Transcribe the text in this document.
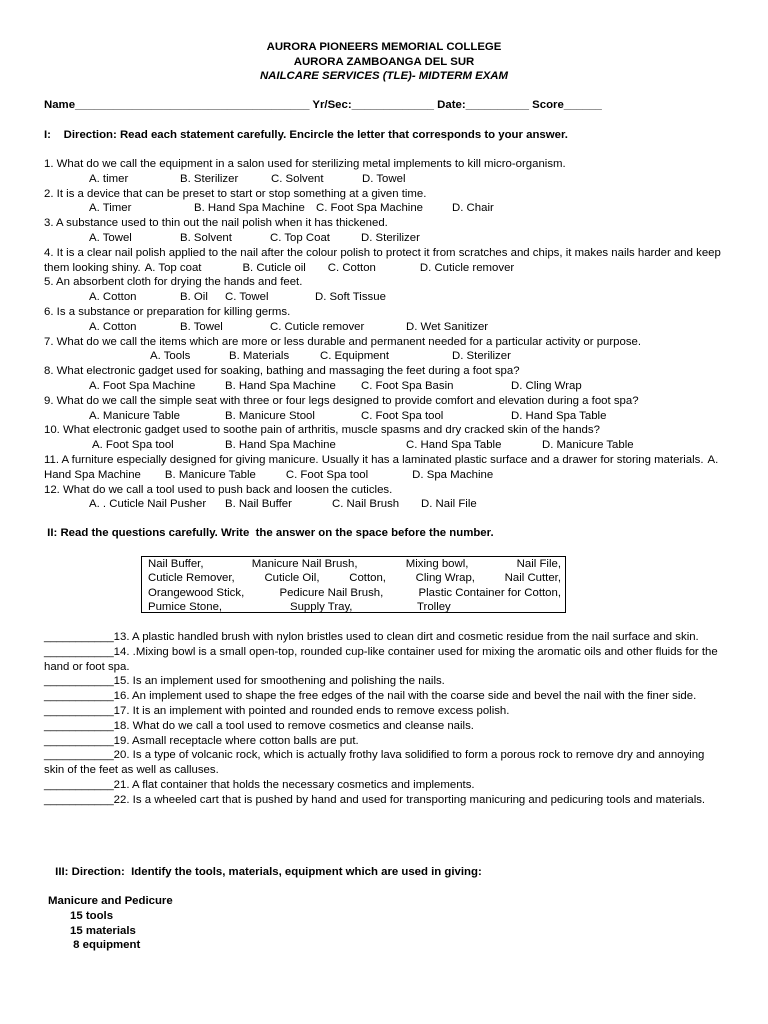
AURORA PIONEERS MEMORIAL COLLEGE
AURORA ZAMBOANGA DEL SUR
NAILCARE SERVICES (TLE)- MIDTERM EXAM
Name_____________________________________ Yr/Sec:_____________ Date:__________ Score______
I:    Direction: Read each statement carefully. Encircle the letter that corresponds to your answer.
1. What do we call the equipment in a salon used for sterilizing metal implements to kill micro-organism.
A. timer	B. Sterilizer	C. Solvent	D. Towel
2. It is a device that can be preset to start or stop something at a given time.
A. Timer	B. Hand Spa Machine C. Foot Spa Machine	D. Chair
3. A substance used to thin out the nail polish when it has thickened.
A. Towel	B. Solvent	C. Top Coat	D. Sterilizer
4. It is a clear nail polish applied to the nail after the colour polish to protect it from scratches and chips, it makes nails harder and keep them looking shiny. A. Top coat	B. Cuticle oil C. Cotton	D. Cuticle remover
5. An absorbent cloth for drying the hands and feet.
A. Cotton	B. Oil	C. Towel	D. Soft Tissue
6. Is a substance or preparation for killing germs.
A. Cotton	B. Towel	C. Cuticle remover	D. Wet Sanitizer
7. What do we call the items which are more or less durable and permanent needed for a particular activity or purpose.
A. Tools	B. Materials	C. Equipment	D. Sterilizer
8. What electronic gadget used for soaking, bathing and massaging the feet during a foot spa?
A. Foot Spa Machine	B. Hand Spa Machine	C. Foot Spa Basin	D. Cling Wrap
9. What do we call the simple seat with three or four legs designed to provide comfort and elevation during a foot spa?
A. Manicure Table	B. Manicure Stool	C. Foot Spa tool	D. Hand Spa Table
10. What electronic gadget used to soothe pain of arthritis, muscle spasms and dry cracked skin of the hands?
A. Foot Spa tool	B. Hand Spa Machine	C. Hand Spa Table	D. Manicure Table
11. A furniture especially designed for giving manicure. Usually it has a laminated plastic surface and a drawer for storing materials. A. Hand Spa Machine B. Manicure Table	C. Foot Spa tool	D. Spa Machine
12. What do we call a tool used to push back and loosen the cuticles.
A. . Cuticle Nail Pusher	B. Nail Buffer	C. Nail Brush	D. Nail File
II: Read the questions carefully. Write  the answer on the space before the number.
Nail Buffer,	Manicure Nail Brush,	Mixing bowl,	Nail File,
Cuticle Remover,	Cuticle Oil,	Cotton,	Cling Wrap,	Nail Cutter,
Orangewood Stick,	Pedicure Nail Brush,	Plastic Container for Cotton,
Pumice Stone,	Supply Tray,	Trolley
___________13. A plastic handled brush with nylon bristles used to clean dirt and cosmetic residue from the nail surface and skin.
___________14. .Mixing bowl is a small open-top, rounded cup-like container used for mixing the aromatic oils and other fluids for the hand or foot spa.
___________15. Is an implement used for smoothening and polishing the nails.
___________16. An implement used to shape the free edges of the nail with the coarse side and bevel the nail with the finer side.
___________17. It is an implement with pointed and rounded ends to remove excess polish.
___________18. What do we call a tool used to remove cosmetics and cleanse nails.
___________19. Asmall receptacle where cotton balls are put.
___________20. Is a type of volcanic rock, which is actually frothy lava solidified to form a porous rock to remove dry and annoying skin of the feet as well as calluses.
___________21. A flat container that holds the necessary cosmetics and implements.
___________22. Is a wheeled cart that is pushed by hand and used for transporting manicuring and pedicuring tools and materials.
III: Direction:  Identify the tools, materials, equipment which are used in giving:
Manicure and Pedicure
15 tools
15 materials
8 equipment
